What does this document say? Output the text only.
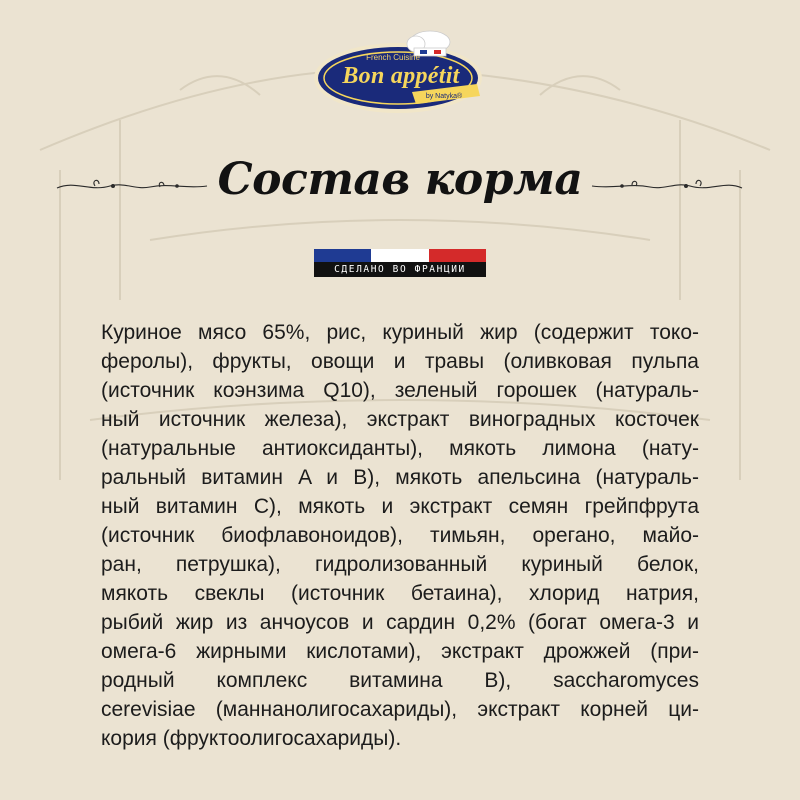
French Cuisine
Bon appétit
by Natyka®
Состав корма
СДЕЛАНО ВО ФРАНЦИИ
Куриное мясо 65%, рис, куриный жир (содержит токо-
феролы), фрукты, овощи и травы (оливковая пульпа
(источник коэнзима Q10), зеленый горошек (натураль-
ный источник железа), экстракт виноградных косточек
(натуральные антиоксиданты), мякоть лимона (нату-
ральный витамин A и B), мякоть апельсина (натураль-
ный витамин C), мякоть и экстракт семян грейпфрута
(источник биофлавоноидов), тимьян, орегано, майо-
ран, петрушка), гидролизованный куриный белок,
мякоть свеклы (источник бетаина), хлорид натрия,
рыбий жир из анчоусов и сардин 0,2% (богат омега-3 и
омега-6 жирными кислотами), экстракт дрожжей (при-
родный комплекс витамина B), saccharomyces
cerevisiae (маннанолигосахариды), экстракт корней ци-
кория (фруктоолигосахариды).
